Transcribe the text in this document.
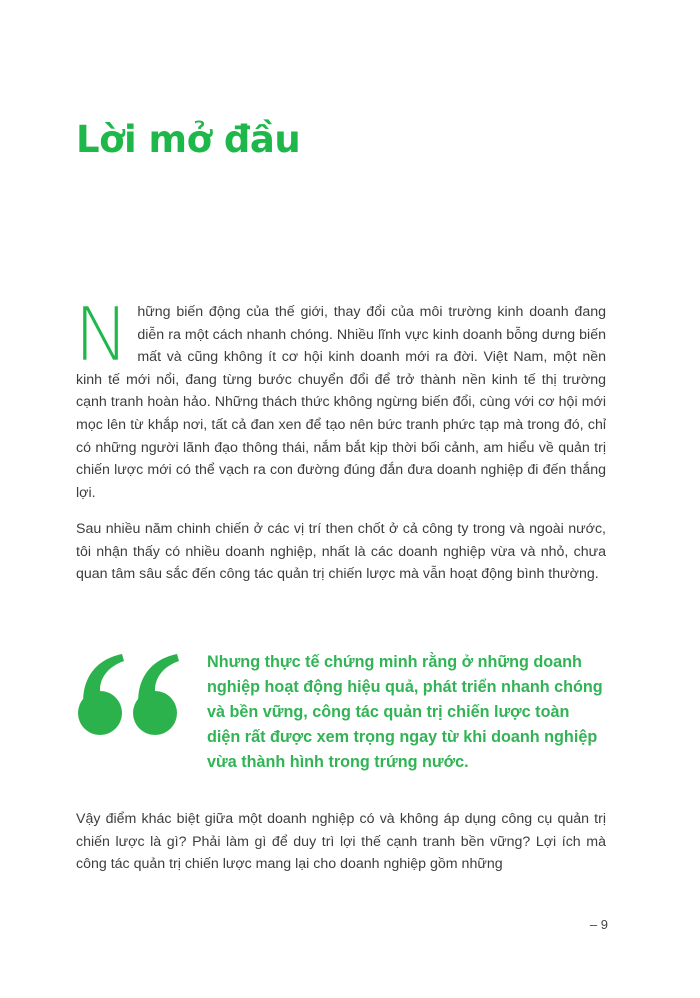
Lời mở đầu

Những biến động của thế giới, thay đổi của môi trường kinh doanh đang diễn ra một cách nhanh chóng. Nhiều lĩnh vực kinh doanh bỗng dưng biến mất và cũng không ít cơ hội kinh doanh mới ra đời. Việt Nam, một nền kinh tế mới nổi, đang từng bước chuyển đổi để trở thành nền kinh tế thị trường cạnh tranh hoàn hảo. Những thách thức không ngừng biến đổi, cùng với cơ hội mới mọc lên từ khắp nơi, tất cả đan xen để tạo nên bức tranh phức tạp mà trong đó, chỉ có những người lãnh đạo thông thái, nắm bắt kịp thời bối cảnh, am hiểu về quản trị chiến lược mới có thể vạch ra con đường đúng đắn đưa doanh nghiệp đi đến thắng lợi.

Sau nhiều năm chinh chiến ở các vị trí then chốt ở cả công ty trong và ngoài nước, tôi nhận thấy có nhiều doanh nghiệp, nhất là các doanh nghiệp vừa và nhỏ, chưa quan tâm sâu sắc đến công tác quản trị chiến lược mà vẫn hoạt động bình thường.

Nhưng thực tế chứng minh rằng ở những doanh nghiệp hoạt động hiệu quả, phát triển nhanh chóng và bền vững, công tác quản trị chiến lược toàn diện rất được xem trọng ngay từ khi doanh nghiệp vừa thành hình trong trứng nước.

Vậy điểm khác biệt giữa một doanh nghiệp có và không áp dụng công cụ quản trị chiến lược là gì? Phải làm gì để duy trì lợi thế cạnh tranh bền vững? Lợi ích mà công tác quản trị chiến lược mang lại cho doanh nghiệp gồm những

– 9
